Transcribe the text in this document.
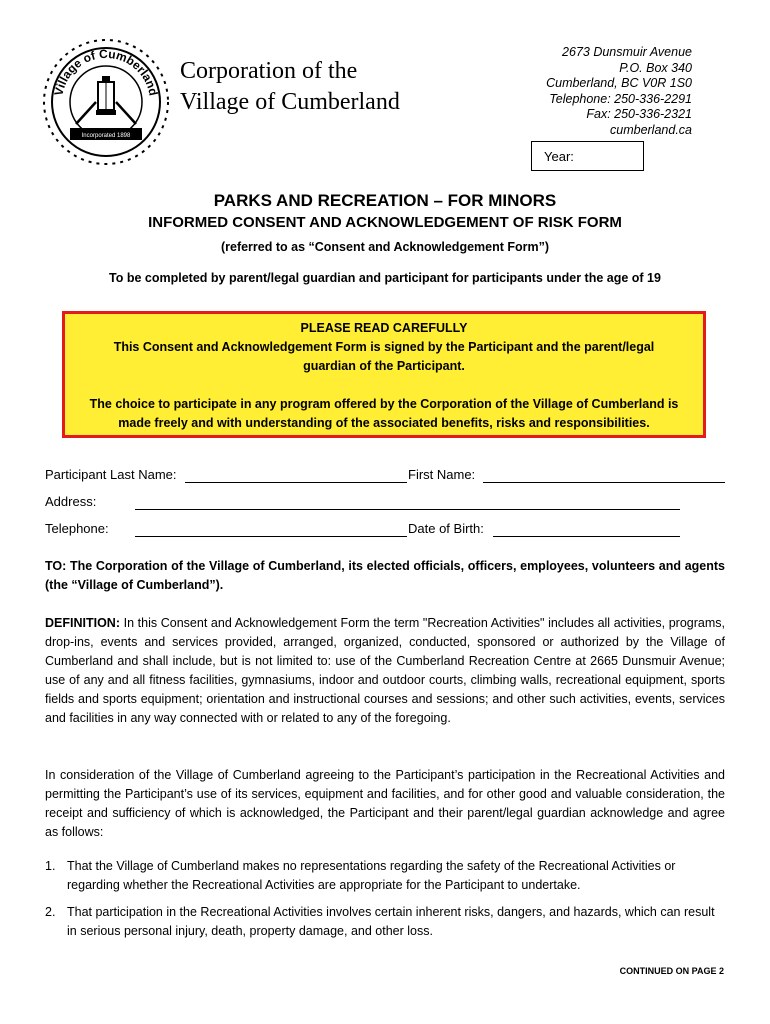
Village of Cumberland
Incorporated 1898
Corporation of the
Village of Cumberland
2673 Dunsmuir Avenue
P.O. Box 340
Cumberland, BC V0R 1S0
Telephone: 250-336-2291
Fax: 250-336-2321
cumberland.ca
Year:
PARKS AND RECREATION – FOR MINORS
INFORMED CONSENT AND ACKNOWLEDGEMENT OF RISK FORM
(referred to as “Consent and Acknowledgement Form”)
To be completed by parent/legal guardian and participant for participants under the age of 19

PLEASE READ CAREFULLY

This Consent and Acknowledgement Form is signed by the Participant and the parent/legal guardian of the Participant.

The choice to participate in any program offered by the Corporation of the Village of Cumberland is made freely and with understanding of the associated benefits, risks and responsibilities.

Participant Last Name:	First Name:
Address:
Telephone:	Date of Birth:
TO: The Corporation of the Village of Cumberland, its elected officials, officers, employees, volunteers and agents (the “Village of Cumberland”).

DEFINITION: In this Consent and Acknowledgement Form the term "Recreation Activities" includes all activities, programs, drop-ins, events and services provided, arranged, organized, conducted, sponsored or authorized by the Village of Cumberland and shall include, but is not limited to: use of the Cumberland Recreation Centre at 2665 Dunsmuir Avenue; use of any and all fitness facilities, gymnasiums, indoor and outdoor courts, climbing walls, recreational equipment, sports fields and sports equipment; orientation and instructional courses and sessions; and other such activities, events, services and facilities in any way connected with or related to any of the foregoing.

In consideration of the Village of Cumberland agreeing to the Participant’s participation in the Recreational Activities and permitting the Participant’s use of its services, equipment and facilities, and for other good and valuable consideration, the receipt and sufficiency of which is acknowledged, the Participant and their parent/legal guardian acknowledge and agree as follows:
1. That the Village of Cumberland makes no representations regarding the safety of the Recreational Activities or regarding whether the Recreational Activities are appropriate for the Participant to undertake.
2. That participation in the Recreational Activities involves certain inherent risks, dangers, and hazards, which can result in serious personal injury, death, property damage, and other loss.
CONTINUED ON PAGE 2
